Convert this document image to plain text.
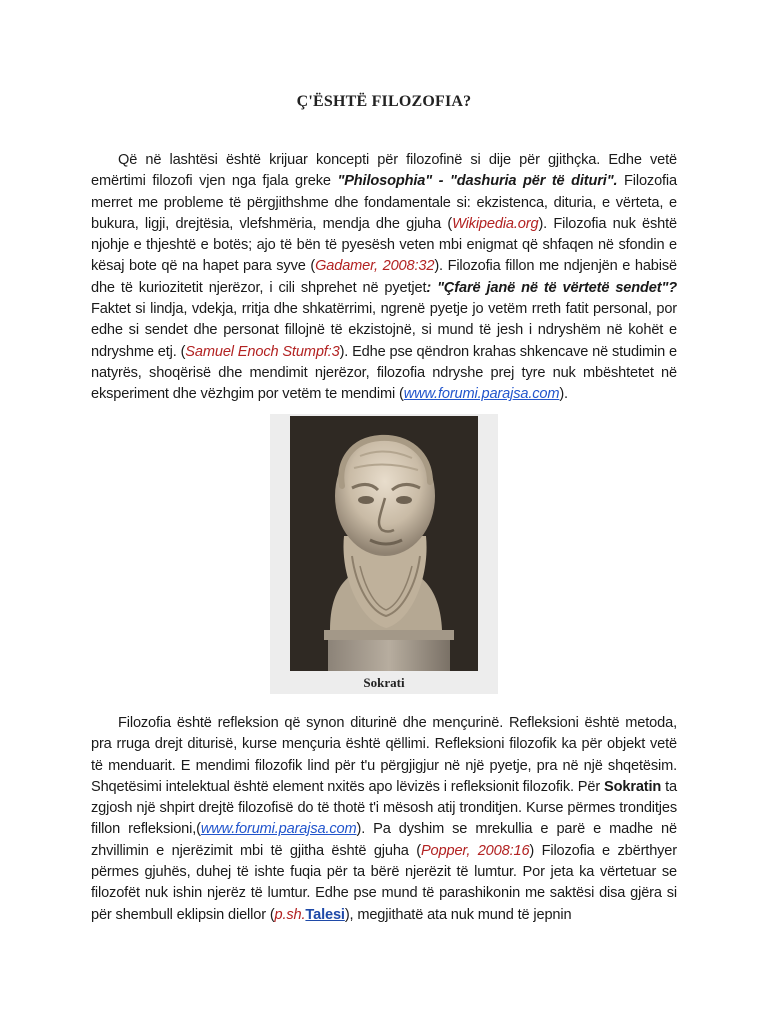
Ç'ËSHTË FILOZOFIA?
Që në lashtësi është krijuar koncepti për filozofinë si dije për gjithçka. Edhe vetë emërtimi filozofi vjen nga fjala greke "Philosophia" - "dashuria për të dituri". Filozofia merret me probleme të përgjithshme dhe fondamentale si: ekzistenca, dituria, e vërteta, e bukura, ligji, drejtësia, vlefshmëria, mendja dhe gjuha (Wikipedia.org). Filozofia nuk është njohje e thjeshtë e botës; ajo të bën të pyesësh veten mbi enigmat që shfaqen në sfondin e kësaj bote që na hapet para syve (Gadamer, 2008:32). Filozofia fillon me ndjenjën e habisë dhe të kuriozitetit njerëzor, i cili shprehet në pyetjet: "Çfarë janë në të vërtetë sendet"? Faktet si lindja, vdekja, rritja dhe shkatërrimi, ngrenë pyetje jo vetëm rreth fatit personal, por edhe si sendet dhe personat fillojnë të ekzistojnë, si mund të jesh i ndryshëm në kohët e ndryshme etj. (Samuel Enoch Stumpf:3). Edhe pse qëndron krahas shkencave në studimin e natyrës, shoqërisë dhe mendimit njerëzor, filozofia ndryshe prej tyre nuk mbështetet në eksperiment dhe vëzhgim por vetëm te mendimi (www.forumi.parajsa.com).
Sokrati
Filozofia është refleksion që synon diturinë dhe mençurinë. Refleksioni është metoda, pra rruga drejt diturisë, kurse mençuria është qëllimi. Refleksioni filozofik ka për objekt vetë të menduarit. E mendimi filozofik lind për t'u përgjigjur në një pyetje, pra në një shqetësim. Shqetësimi intelektual është element nxitës apo lëvizës i refleksionit filozofik. Për Sokratin ta zgjosh një shpirt drejtë filozofisë do të thotë t'i mësosh atij tronditjen. Kurse përmes tronditjes fillon refleksioni,(www.forumi.parajsa.com). Pa dyshim se mrekullia e parë e madhe në zhvillimin e njerëzimit mbi të gjitha është gjuha (Popper, 2008:16) Filozofia e zbërthyer përmes gjuhës, duhej të ishte fuqia për ta bërë njerëzit të lumtur. Por jeta ka vërtetuar se filozofët nuk ishin njerëz të lumtur. Edhe pse mund të parashikonin me saktësi disa gjëra si për shembull eklipsin diellor (p.sh.Talesi), megjithatë ata nuk mund të jepnin
